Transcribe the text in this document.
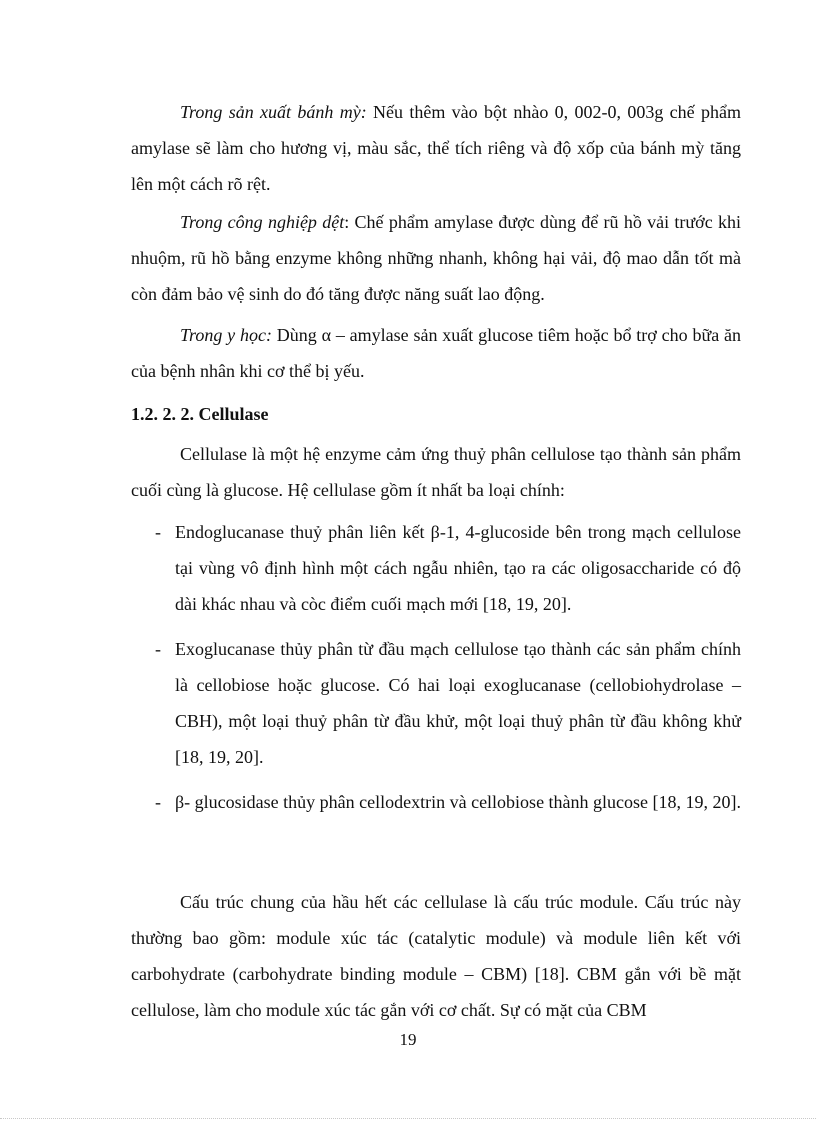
Trong sản xuất bánh mỳ: Nếu thêm vào bột nhào 0, 002-0, 003g chế phẩm amylase sẽ làm cho hương vị, màu sắc, thể tích riêng và độ xốp của bánh mỳ tăng lên một cách rõ rệt.

Trong công nghiệp dệt: Chế phẩm amylase được dùng để rũ hồ vải trước khi nhuộm, rũ hồ bằng enzyme không những nhanh, không hại vải, độ mao dẫn tốt mà còn đảm bảo vệ sinh do đó tăng được năng suất lao động.

Trong y học: Dùng α – amylase sản xuất glucose tiêm hoặc bổ trợ cho bữa ăn của bệnh nhân khi cơ thể bị yếu.

1.2. 2. 2. Cellulase

Cellulase là một hệ enzyme cảm ứng thuỷ phân cellulose tạo thành sản phẩm cuối cùng là glucose. Hệ cellulase gồm ít nhất ba loại chính:

- Endoglucanase thuỷ phân liên kết β-1, 4-glucoside bên trong mạch cellulose tại vùng vô định hình một cách ngẫu nhiên, tạo ra các oligosaccharide có độ dài khác nhau và còc điểm cuối mạch mới [18, 19, 20].
- Exoglucanase thủy phân từ đầu mạch cellulose tạo thành các sản phẩm chính là cellobiose hoặc glucose. Có hai loại exoglucanase (cellobiohydrolase – CBH), một loại thuỷ phân từ đầu khử, một loại thuỷ phân từ đầu không khử [18, 19, 20].
- β- glucosidase thủy phân cellodextrin và cellobiose thành glucose [18, 19, 20].

Cấu trúc chung của hầu hết các cellulase là cấu trúc module. Cấu trúc này thường bao gồm: module xúc tác (catalytic module) và module liên kết với carbohydrate (carbohydrate binding module – CBM) [18]. CBM gắn với bề mặt cellulose, làm cho module xúc tác gắn với cơ chất. Sự có mặt của CBM

19
